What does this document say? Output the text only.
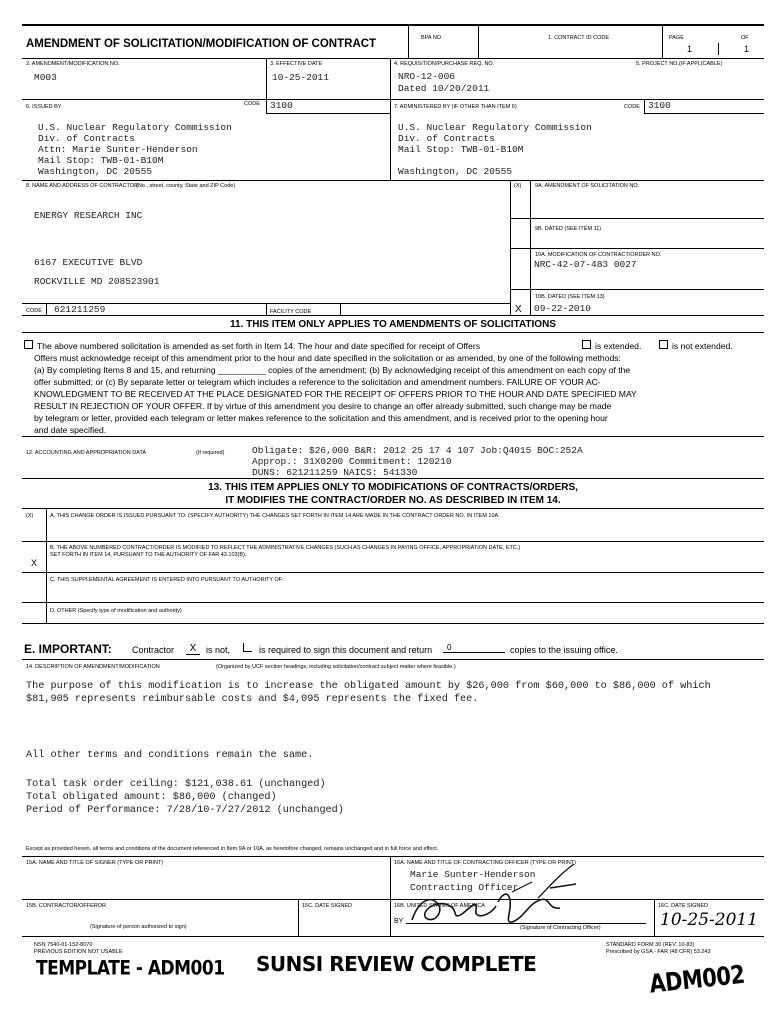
AMENDMENT OF SOLICITATION/MODIFICATION OF CONTRACT	BPA NO	1. CONTRACT ID CODE	PAGE	OF
1	1
2. AMENDMENT/MODIFICATION NO.
M003
3. EFFECTIVE DATE
10-25-2011
4. REQUISITION/PURCHASE REQ. NO.
NRO-12-006
Dated 10/20/2011
5. PROJECT NO.(IF APPLICABLE)
6. ISSUED BY	CODE 3100
U.S. Nuclear Regulatory Commission
Div. of Contracts
Attn: Marie Sunter-Henderson
Mail Stop: TWB-01-B10M
Washington, DC 20555
7. ADMINISTERED BY (IF OTHER THAN ITEM 6)	CODE 3100
U.S. Nuclear Regulatory Commission
Div. of Contracts
Mail Stop: TWB-01-B10M
Washington, DC 20555
8. NAME AND ADDRESS OF CONTRACTOR
(No., street, county, State and ZIP Code)
ENERGY RESEARCH INC
6167 EXECUTIVE BLVD
ROCKVILLE MD 208523901
(X) 9A. AMENDMENT OF SOLICITATION NO.
9B. DATED (SEE ITEM 11)
10A. MODIFICATION OF CONTRACT/ORDER NO.
NRC-42-07-483 0027
10B. DATED (SEE ITEM 13)
X 09-22-2010
CODE 621211259	FACILITY CODE
11. THIS ITEM ONLY APPLIES TO AMENDMENTS OF SOLICITATIONS
The above numbered solicitation is amended as set forth in Item 14. The hour and date specified for receipt of Offers	is extended.	is not extended.
Offers must acknowledge receipt of this amendment prior to the hour and date specified in the solicitation or as amended, by one of the following methods:
(a) By completing Items 8 and 15, and returning __________ copies of the amendment; (b) By acknowledging receipt of this amendment on each copy of the
offer submitted; or (c) By separate letter or telegram which includes a reference to the solicitation and amendment numbers. FAILURE OF YOUR AC-
KNOWLEDGMENT TO BE RECEIVED AT THE PLACE DESIGNATED FOR THE RECEIPT OF OFFERS PRIOR TO THE HOUR AND DATE SPECIFIED MAY
RESULT IN REJECTION OF YOUR OFFER. If by virtue of this amendment you desire to change an offer already submitted, such change may be made
by telegram or letter, provided each telegram or letter makes reference to the solicitation and this amendment, and is received prior to the opening hour
and date specified.
12. ACCOUNTING AND APPROPRIATION DATA	(If required)	Obligate: $26,000 B&R: 2012 25 17 4 107 Job:Q4015 BOC:252A
Approp.: 31X0200 Commitment: 120210
DUNS: 621211259 NAICS: 541330
13. THIS ITEM APPLIES ONLY TO MODIFICATIONS OF CONTRACTS/ORDERS,
IT MODIFIES THE CONTRACT/ORDER NO. AS DESCRIBED IN ITEM 14.
(X)	A. THIS CHANGE ORDER IS ISSUED PURSUANT TO: (SPECIFY AUTHORITY) THE CHANGES SET FORTH IN ITEM 14 ARE MADE IN THE CONTRACT ORDER NO. IN ITEM 10A.
B. THE ABOVE NUMBERED CONTRACT/ORDER IS MODIFIED TO REFLECT THE ADMINISTRATIVE CHANGES (SUCH AS CHANGES IN PAYING OFFICE, APPROPRIATION DATE, ETC.)
SET FORTH IN ITEM 14, PURSUANT TO THE AUTHORITY OF FAR 43.103(B).
X
C. THIS SUPPLEMENTAL AGREEMENT IS ENTERED INTO PURSUANT TO AUTHORITY OF:
D. OTHER (Specify type of modification and authority)
E. IMPORTANT: Contractor	X	is not,	is required to sign this document and return	0	copies to the issuing office.
14. DESCRIPTION OF AMENDMENT/MODIFICATION	(Organized by UCF section headings, including solicitation/contract subject matter where feasible.)
The purpose of this modification is to increase the obligated amount by $26,000 from $60,000 to $86,000 of which
$81,905 represents reimbursable costs and $4,095 represents the fixed fee.
All other terms and conditions remain the same.
Total task order ceiling: $121,038.61 (unchanged)
Total obligated amount: $86,000 (changed)
Period of Performance: 7/28/10-7/27/2012 (unchanged)
Except as provided herein, all terms and conditions of the document referenced in Item 9A or 10A, as heretofore changed, remains unchanged and in full force and effect.
15A. NAME AND TITLE OF SIGNER (TYPE OR PRINT)	16A. NAME AND TITLE OF CONTRACTING OFFICER (TYPE OR PRINT)
Marie Sunter-Henderson
Contracting Officer
15B. CONTRACTOR/OFFEROR	15C. DATE SIGNED	16B. UNITED STATES OF AMERICA	16C. DATE SIGNED
(Signature of person authorized to sign)
BY
(Signature of Contracting Officer)	10-25-2011
NSN 7540-01-152-8070
PREVIOUS EDITION NOT USABLE
STANDARD FORM 30 (REV. 10-83)
Prescribed by GSA - FAR (48 CFR) 53.243
TEMPLATE - ADM001 SUNSI REVIEW COMPLETE	ADM002
